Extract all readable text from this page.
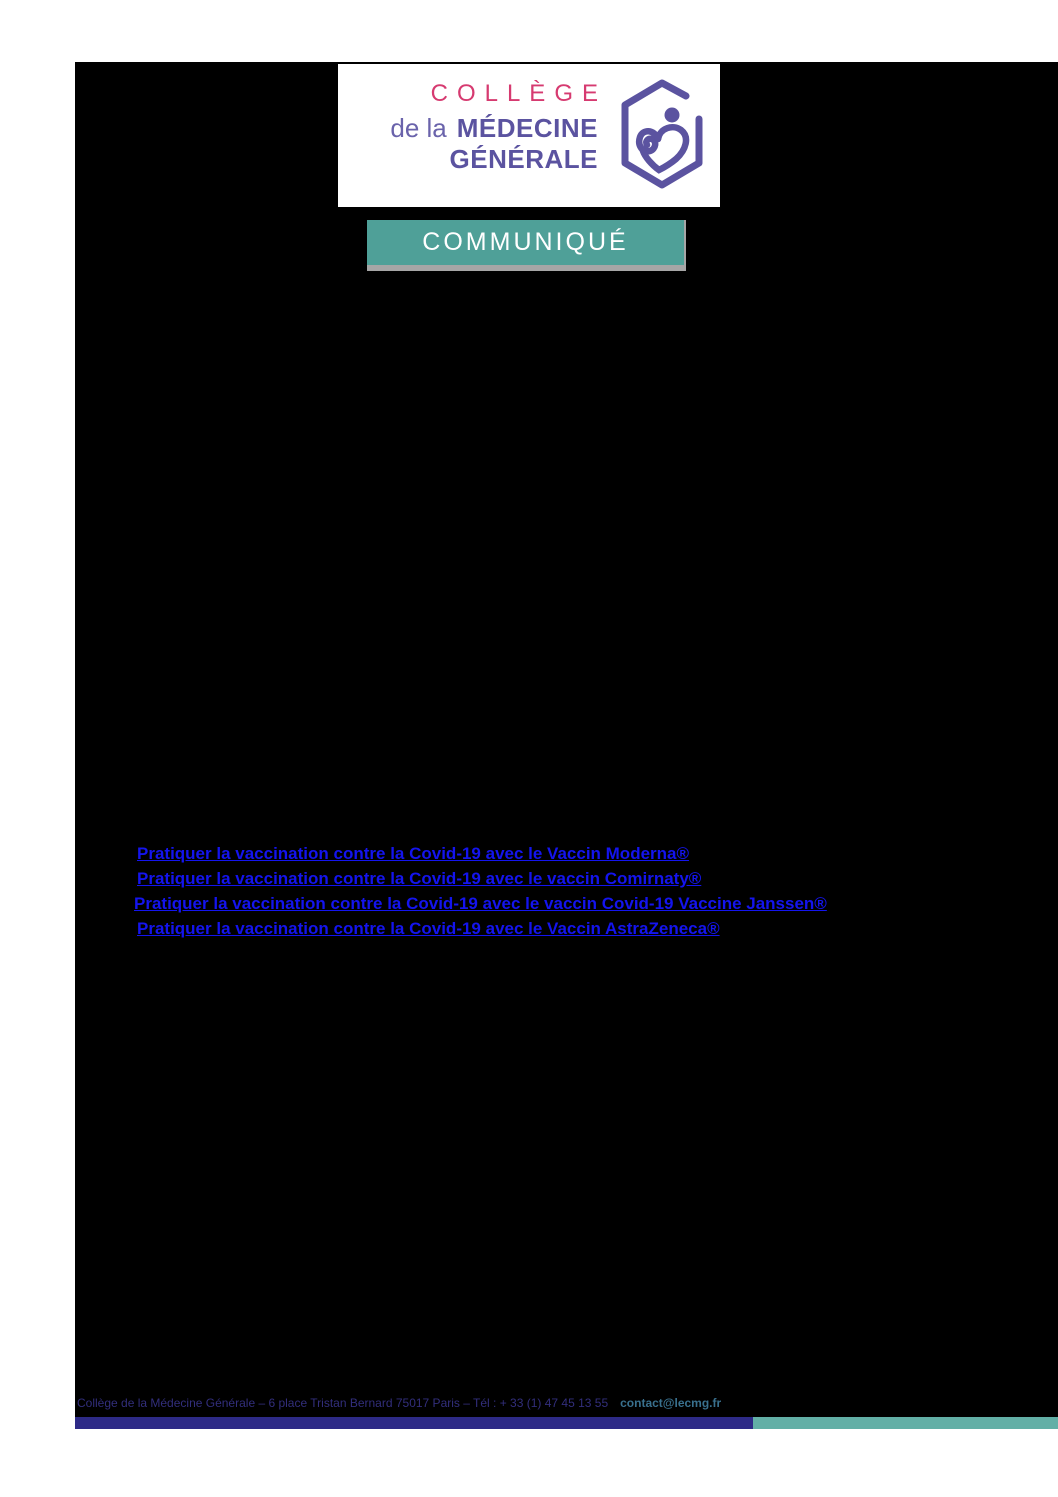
COLLÈGE
de la MÉDECINE
GÉNÉRALE
COMMUNIQUÉ
Pratiquer la vaccination contre la Covid-19 avec le Vaccin Moderna®
Pratiquer la vaccination contre la Covid-19 avec le vaccin Comirnaty®
Pratiquer la vaccination contre la Covid-19 avec le vaccin Covid-19 Vaccine Janssen®
Pratiquer la vaccination contre la Covid-19 avec le Vaccin AstraZeneca®
Collège de la Médecine Générale – 6 place Tristan Bernard 75017 Paris – Tél : + 33 (1) 47 45 13 55 contact@lecmg.fr
